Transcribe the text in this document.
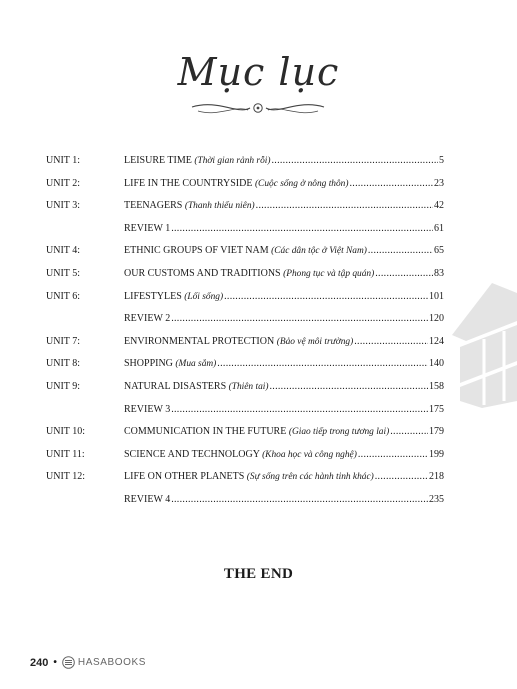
Mục lục
UNIT 1:	LEISURE TIME (Thời gian rảnh rỗi) .....	5
UNIT 2:	LIFE IN THE COUNTRYSIDE (Cuộc sống ở nông thôn) .....	23
UNIT 3:	TEENAGERS (Thanh thiếu niên) .....	42
REVIEW 1 .....	61
UNIT 4:	ETHNIC GROUPS OF VIET NAM (Các dân tộc ở Việt Nam) .....	65
UNIT 5:	OUR CUSTOMS AND TRADITIONS (Phong tục và tập quán) .....	83
UNIT 6:	LIFESTYLES (Lối sống) .....	101
REVIEW 2 .....	120
UNIT 7:	ENVIRONMENTAL PROTECTION (Bảo vệ môi trường) .....	124
UNIT 8:	SHOPPING (Mua sắm) .....	140
UNIT 9:	NATURAL DISASTERS (Thiên tai) .....	158
REVIEW 3 .....	175
UNIT 10:	COMMUNICATION IN THE FUTURE (Giao tiếp trong tương lai) .....	179
UNIT 11:	SCIENCE AND TECHNOLOGY (Khoa học và công nghệ) .....	199
UNIT 12:	LIFE ON OTHER PLANETS (Sự sống trên các hành tinh khác) .....	218
REVIEW 4 .....	235
THE END
240 • HASABOOKS
